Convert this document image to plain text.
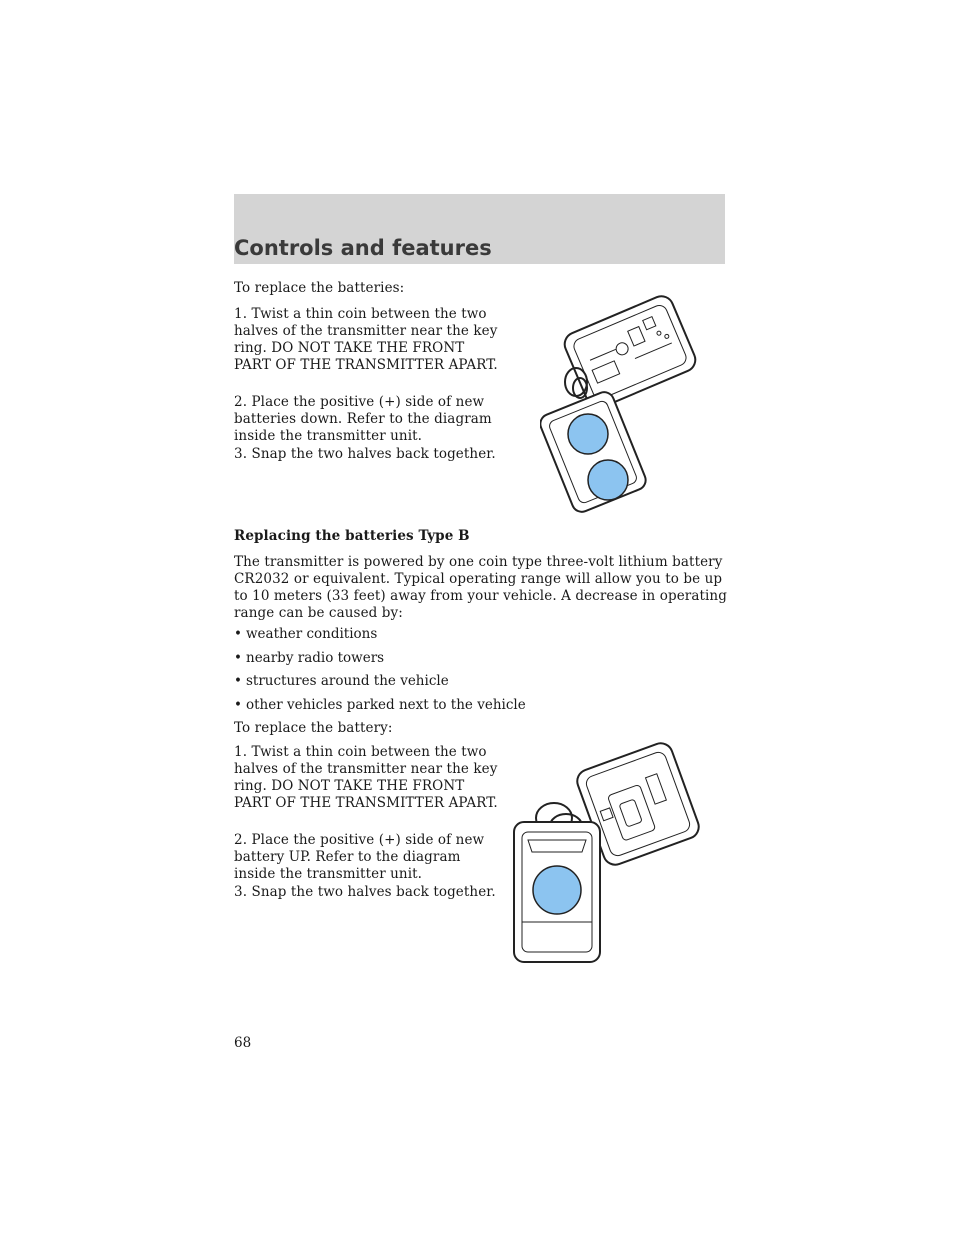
Controls and features

To replace the batteries:

1. Twist a thin coin between the two halves of the transmitter near the key ring. DO NOT TAKE THE FRONT PART OF THE TRANSMITTER APART.

2. Place the positive (+) side of new batteries down. Refer to the diagram inside the transmitter unit.

3. Snap the two halves back together.

Replacing the batteries Type B

The transmitter is powered by one coin type three-volt lithium battery CR2032 or equivalent. Typical operating range will allow you to be up to 10 meters (33 feet) away from your vehicle. A decrease in operating range can be caused by:

• weather conditions
• nearby radio towers
• structures around the vehicle
• other vehicles parked next to the vehicle

To replace the battery:

1. Twist a thin coin between the two halves of the transmitter near the key ring. DO NOT TAKE THE FRONT PART OF THE TRANSMITTER APART.

2. Place the positive (+) side of new battery UP. Refer to the diagram inside the transmitter unit.

3. Snap the two halves back together.

68
